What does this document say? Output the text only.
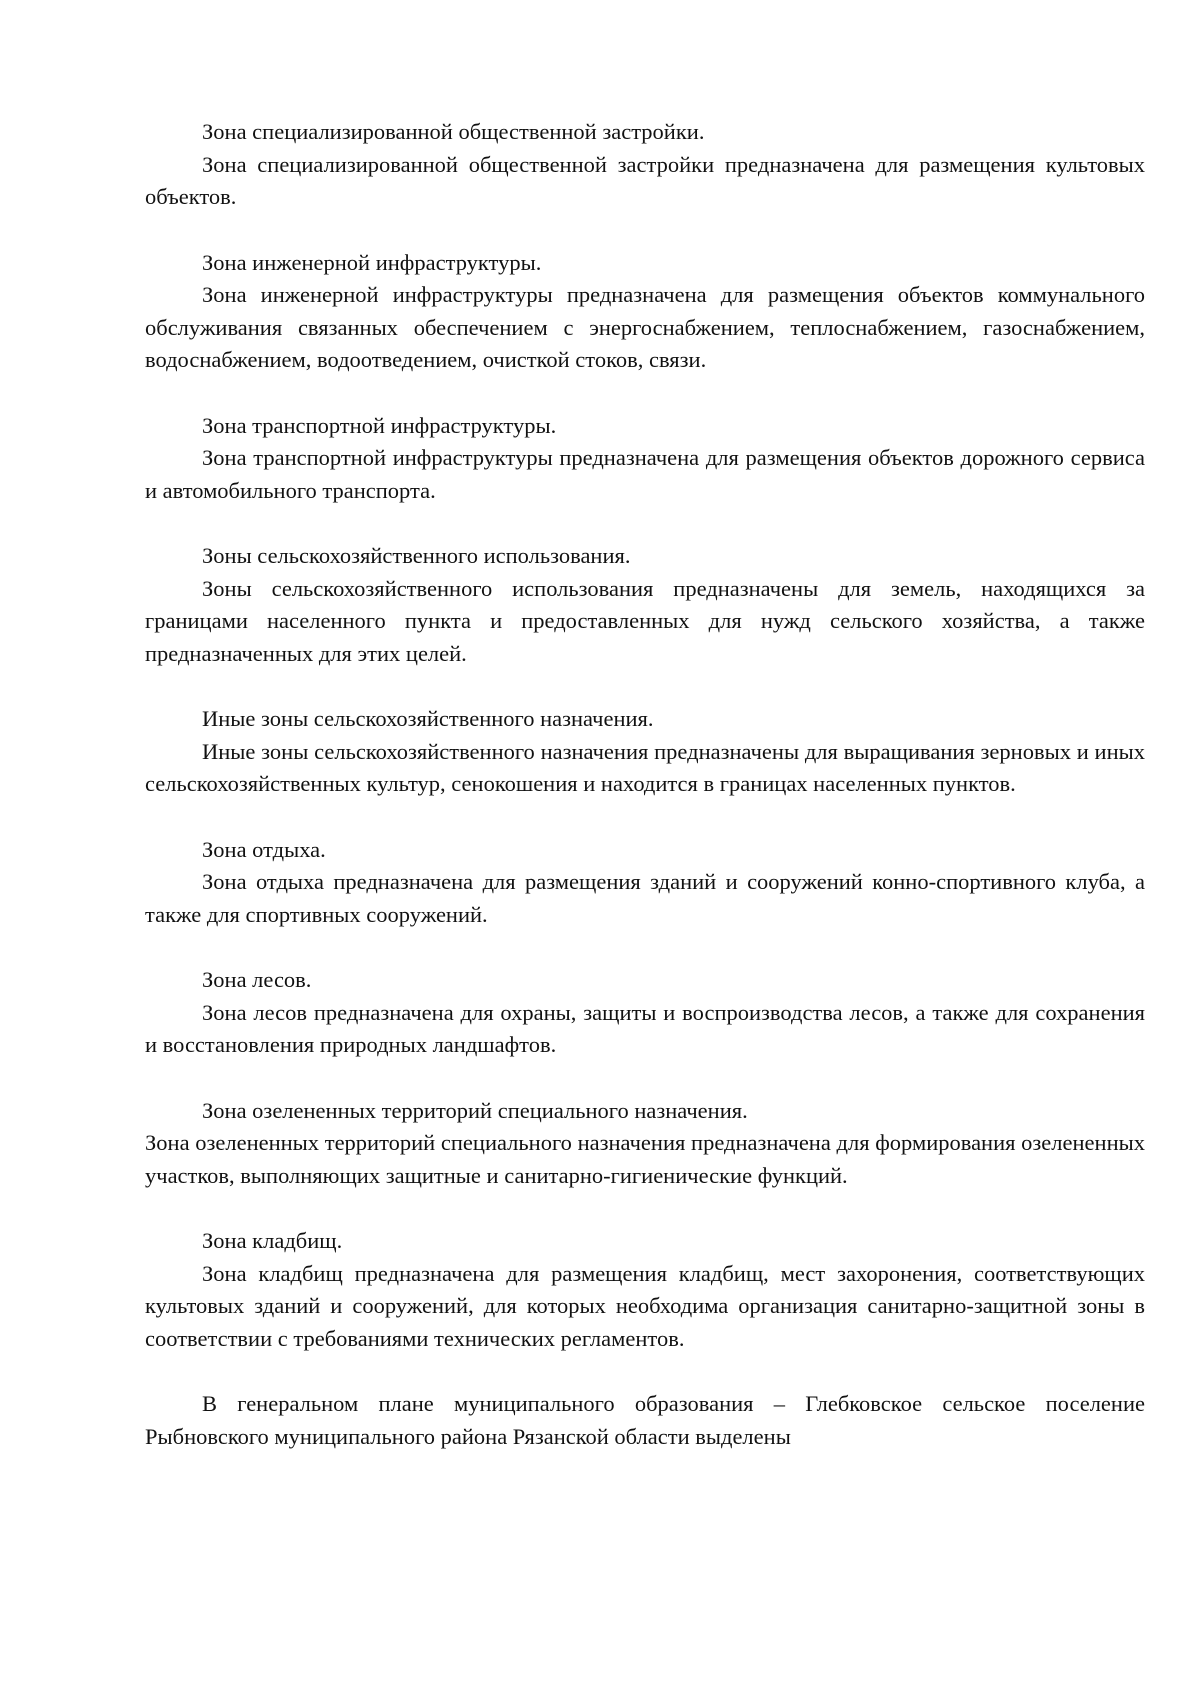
Зона специализированной общественной застройки.

Зона специализированной общественной застройки предназначена для размещения культовых объектов.

Зона инженерной инфраструктуры.

Зона инженерной инфраструктуры предназначена для размещения объектов коммунального обслуживания связанных обеспечением с энергоснабжением, теплоснабжением, газоснабжением, водоснабжением, водоотведением, очисткой стоков, связи.

Зона транспортной инфраструктуры.

Зона транспортной инфраструктуры предназначена для размещения объектов дорожного сервиса и автомобильного транспорта.

Зоны сельскохозяйственного использования.

Зоны сельскохозяйственного использования предназначены для земель, находящихся за границами населенного пункта и предоставленных для нужд сельского хозяйства, а также предназначенных для этих целей.

Иные зоны сельскохозяйственного назначения.

Иные зоны сельскохозяйственного назначения предназначены для выращивания зерновых и иных сельскохозяйственных культур, сенокошения и находится в границах населенных пунктов.

Зона отдыха.

Зона отдыха предназначена для размещения зданий и сооружений конно-спортивного клуба, а также для спортивных сооружений.

Зона лесов.

Зона лесов предназначена для охраны, защиты и воспроизводства лесов, а также для сохранения и восстановления природных ландшафтов.

Зона озелененных территорий специального назначения.

Зона озелененных территорий специального назначения предназначена для формирования озелененных участков, выполняющих защитные и санитарно-гигиенические функций.

Зона кладбищ.

Зона кладбищ предназначена для размещения кладбищ, мест захоронения, соответствующих культовых зданий и сооружений, для которых необходима организация санитарно-защитной зоны в соответствии с требованиями технических регламентов.

В генеральном плане муниципального образования – Глебковское сельское поселение Рыбновского муниципального района Рязанской области выделены
